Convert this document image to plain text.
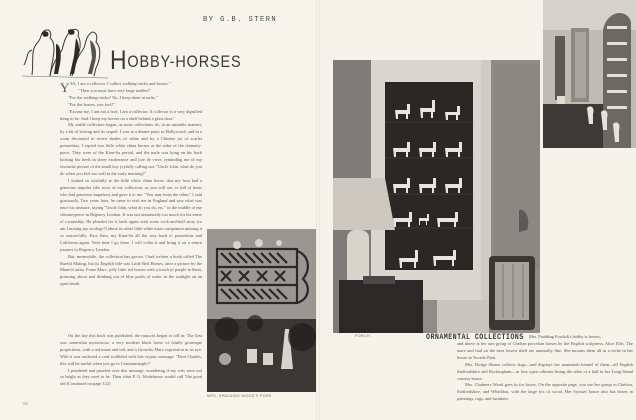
BY G.B. STERN
HOBBY-HORSES

YES, I am a collector. I collect walking-sticks and horses."

"Then you must have very large stables!"

"For the walking-sticks? No, I keep them in racks."

"For the horses, you fool!"

"Excuse me, I am not a fool, I am a collector. A collector is a very dignified thing to be. And I keep my horses on a shelf behind a glass door."

My stable collection began, as most collections do, in an unstable manner, by a bit of looting and its sequel: I was at a dinner-party in Hollywood; and in a room decorated in seven shades of white and by a Chinese jar of scarlet poinsettias, I espied two little white china horses at the sides of the chimney-piece. They were of the Kian-Su period, and the male was lying on his back kicking his heels in sheer exuberance and joie de vivre, reminding me of my favourite picture of the small boy joyfully calling out: "Uncle John, what do you do when you feel too well in the early morning?"

I looked so wistfully at the little white china horse, that my host had a generous impulse (the story of my collection, as you will see, is full of hosts who had generous impulses) and gave it to me. "You may keep the other," I said graciously. Two years later, he came to visit me in England and saw what was once his treasure, saying "Uncle John, what do you do, etc." in the middle of my chimneypiece in Regency London. It was not unnaturally too much for his sense of ownership. He pleaded for it back again with some cock-and-bull story (or am I mixing my zoology?) about its other little white mare companion missing it so sorrowfully. Exit, then, my Kian-Su all the way back to poinsettias and California again. Next time I go there, I will collar it and bring it on a return journey to Regency London.

But, meanwhile, the collection has grown. I had written a book called The Rueful Mating, but its English title was Little Red Horses, after a picture by the Munich artist, Franz Marc: jolly little red horses with a touch of purple in them, prancing about and drinking out of blue pools of water in the sunlight on an open heath.

On the day this book was published, the mascots began to roll in: The first was somewhat mysterious; a very modern black horse of faintly grotesque proportions, with a red mane and tail, and a Groucho Marx expression in its eye. With it was enclosed a card scribbled with this cryptic message: "Dear Charles, this will be useful when you go to Constantinople!"

I pondered and puzzled over this message, wondering if my wits were not so bright as they used to be. Then what P. G. Wodehouse would call "the good old (Continued on page 122)

MRS. SPALDING WOOD'S PORK
102
PORCH	ORNAMENTAL COLLECTIONS Mrs. Paulding Fosdick's hobby is horses,

and above is her rare group of Chelsea porcelain horses by the English sculptress, Alice Ellis. The mare and foal on the next lowest shelf are unusually fine. She mounts them all in a niche in her house in Tuxedo Park.

Mrs. Dodge Sloane collects dogs—and displays her mammoth kennel of them—all English Staffordshire and Rockingham—in four open cabinets lining the sides of a hall in her Long Island country house.

Mrs. Chalmers Wood goes in for boxes. On the opposite page, you see her group in Chelsea, Staffordshire, and Whieldon, with the large fox of wood. Her Syosset house also has boxes in paintings, rugs, and furniture.
